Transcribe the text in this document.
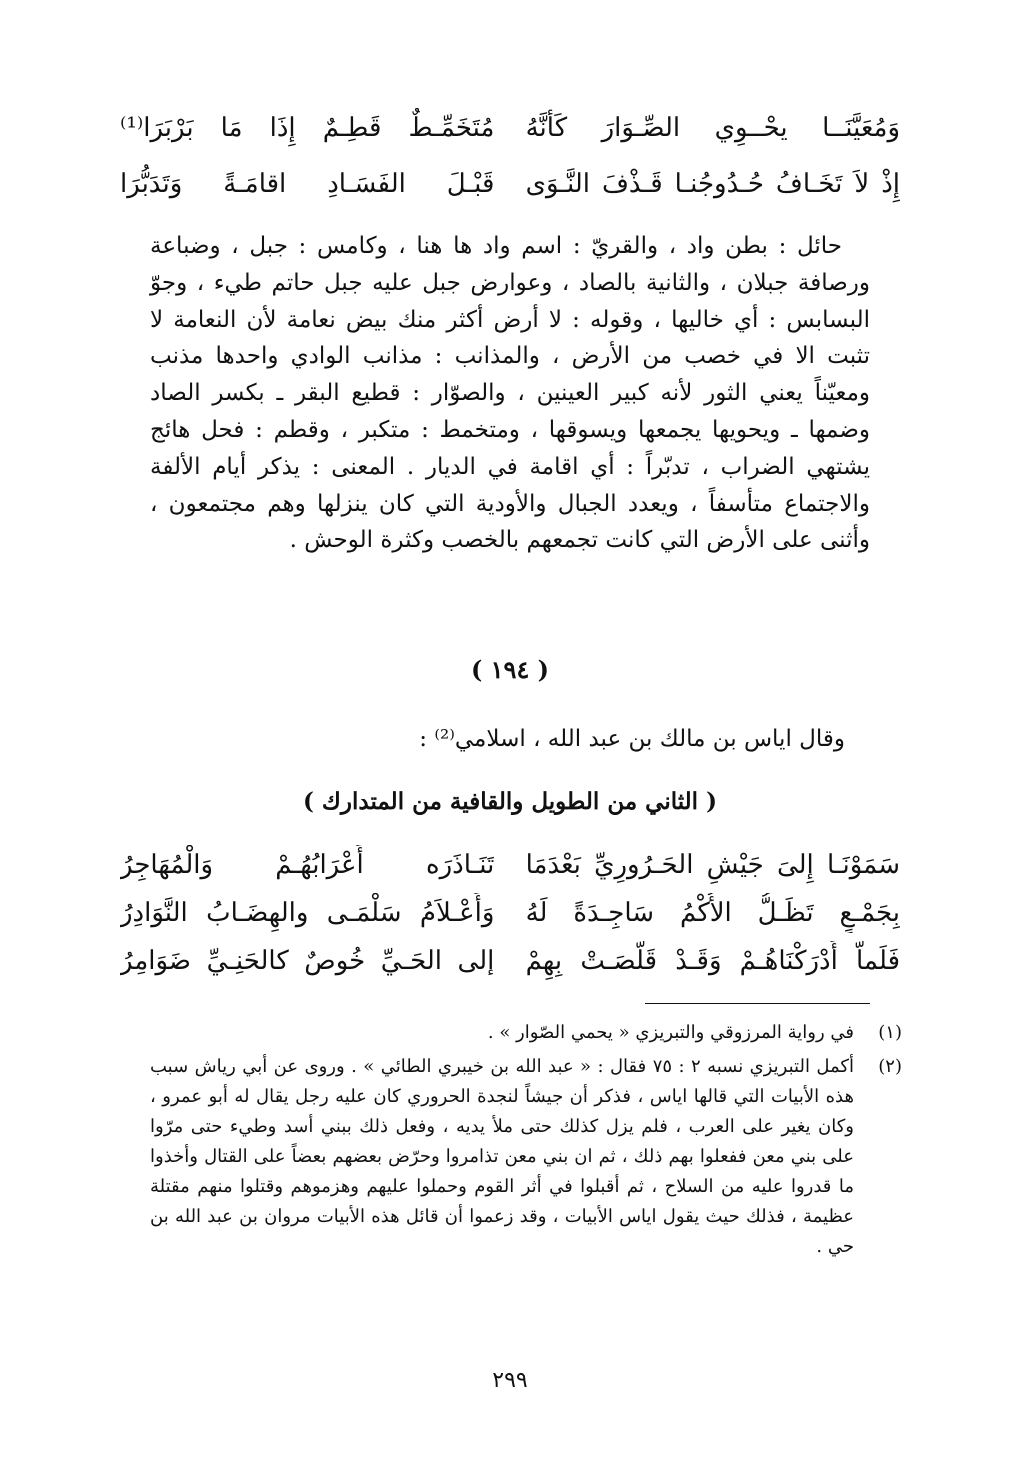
وَمُعَيَّنَــا يحْــوِي الصِّـوَارَ كَأَنَّهُ
مُتَخَمِّـطٌ قَطِـمٌ إِذَا مَا بَرْبَرَا⁽¹⁾
إِذْ لاَ تَخَـافُ حُـدُوجُنـا قَـذْفَ النَّـوَى
قَبْـلَ الفَسَـادِ اقامَـةً وَتَدَبُّرَا

حائل : بطن واد ، والقريّ : اسم واد ها هنا ، وكامس : جبل ، وضباعة ورصافة جبلان ، والثانية بالصاد ، وعوارض جبل عليه جبل حاتم طيء ، وجوّ البسابس : أي خاليها ، وقوله : لا أرض أكثر منك بيض نعامة لأن النعامة لا تثبت الا في خصب من الأرض ، والمذانب : مذانب الوادي واحدها مذنب ومعيّناً يعني الثور لأنه كبير العينين ، والصوّار : قطيع البقر ـ بكسر الصاد وضمها ـ ويحويها يجمعها ويسوقها ، ومتخمط : متكبر ، وقطم : فحل هائج يشتهي الضراب ، تدبّراً : أي اقامة في الديار . المعنى : يذكر أيام الألفة والاجتماع متأسفاً ، ويعدد الجبال والأودية التي كان ينزلها وهم مجتمعون ، وأثنى على الأرض التي كانت تجمعهم بالخصب وكثرة الوحش .

( ١٩٤ )
وقال اياس بن مالك بن عبد الله ، اسلامي⁽²⁾ :
( الثاني من الطويل والقافية من المتدارك )
سَمَوْنَـا إِلىَ جَيْشِ الحَـرُورِيِّ بَعْدَمَا
تَنَـاذَرَه أَعْرَابُهُـمْ وَالْمُهَاجِرُ
بِجَمْـعٍ تَظَـلُّ الأُكْمُ سَاجِـدَةً لَهُ
وَأَعْـلاَمُ سَلْمَـى والهِضَـابُ النَّوَادِرُ
فَلَماَّ أَدْرَكْنَاهُـمْ وَقَـدْ قَلَّصَـتْ بِهِمْ
إلى الحَـيِّ خُوصٌ كالحَنِـيِّ ضَوَامِرُ
(١)
في رواية المرزوقي والتبريزي « يحمي الصّوار » .
(٢)
أكمل التبريزي نسبه ٢ : ٧٥ فقال : « عبد الله بن خيبري الطائي » . وروى عن أبي رياش سبب هذه الأبيات التي قالها اياس ، فذكر أن جيشاً لنجدة الحروري كان عليه رجل يقال له أبو عمرو ، وكان يغير على العرب ، فلم يزل كذلك حتى ملأ يديه ، وفعل ذلك ببني أسد وطيء حتى مرّوا على بني معن ففعلوا بهم ذلك ، ثم ان بني معن تذامروا وحرّض بعضهم بعضاً على القتال وأخذوا ما قدروا عليه من السلاح ، ثم أقبلوا في أثر القوم وحملوا عليهم وهزموهم وقتلوا منهم مقتلة عظيمة ، فذلك حيث يقول اياس الأبيات ، وقد زعموا أن قائل هذه الأبيات مروان بن عبد الله بن حي .
٢٩٩
